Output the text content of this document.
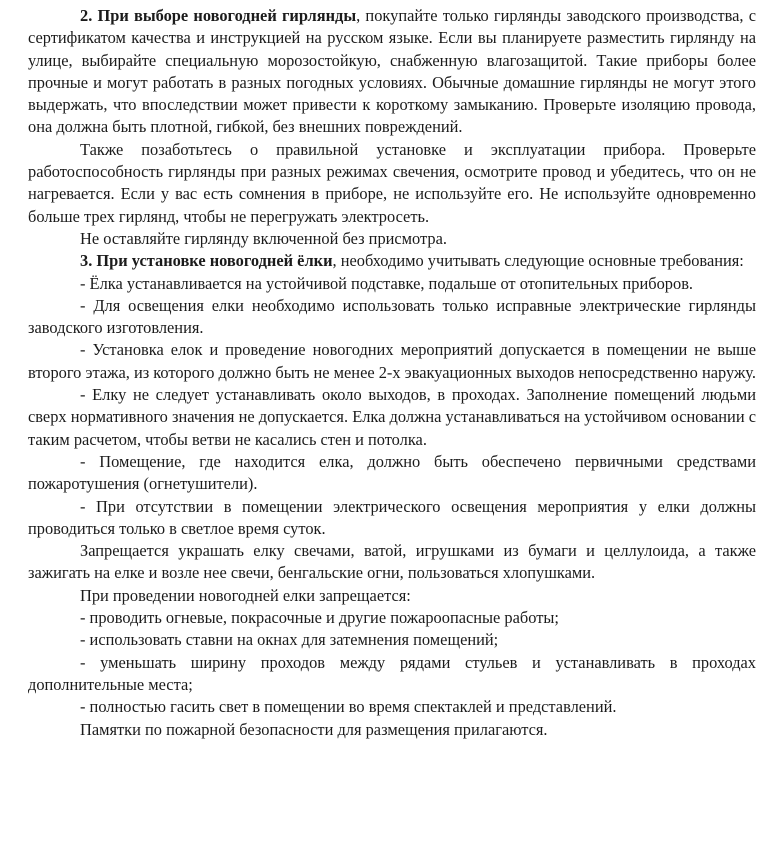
2. При выборе новогодней гирлянды, покупайте только гирлянды заводского производства, с сертификатом качества и инструкцией на русском языке. Если вы планируете разместить гирлянду на улице, выбирайте специальную морозостойкую, снабженную влагозащитой. Такие приборы более прочные и могут работать в разных погодных условиях. Обычные домашние гирлянды не могут этого выдержать, что впоследствии может привести к короткому замыканию. Проверьте изоляцию провода, она должна быть плотной, гибкой, без внешних повреждений.

Также позаботьтесь о правильной установке и эксплуатации прибора. Проверьте работоспособность гирлянды при разных режимах свечения, осмотрите провод и убедитесь, что он не нагревается. Если у вас есть сомнения в приборе, не используйте его. Не используйте одновременно больше трех гирлянд, чтобы не перегружать электросеть.

Не оставляйте гирлянду включенной без присмотра.

3. При установке новогодней ёлки, необходимо учитывать следующие основные требования:

- Ёлка устанавливается на устойчивой подставке, подальше от отопительных приборов.

- Для освещения елки необходимо использовать только исправные электрические гирлянды заводского изготовления.

- Установка елок и проведение новогодних мероприятий допускается в помещении не выше второго этажа, из которого должно быть не менее 2-х эвакуационных выходов непосредственно наружу.

- Елку не следует устанавливать около выходов, в проходах. Заполнение помещений людьми сверх нормативного значения не допускается. Елка должна устанавливаться на устойчивом основании с таким расчетом, чтобы ветви не касались стен и потолка.

- Помещение, где находится елка, должно быть обеспечено первичными средствами пожаротушения (огнетушители).

- При отсутствии в помещении электрического освещения мероприятия у елки должны проводиться только в светлое время суток.

Запрещается украшать елку свечами, ватой, игрушками из бумаги и целлулоида, а также зажигать на елке и возле нее свечи, бенгальские огни, пользоваться хлопушками.

При проведении новогодней елки запрещается:

- проводить огневые, покрасочные и другие пожароопасные работы;

- использовать ставни на окнах для затемнения помещений;

- уменьшать ширину проходов между рядами стульев и устанавливать в проходах дополнительные места;

- полностью гасить свет в помещении во время спектаклей и представлений.

Памятки по пожарной безопасности для размещения прилагаются.
